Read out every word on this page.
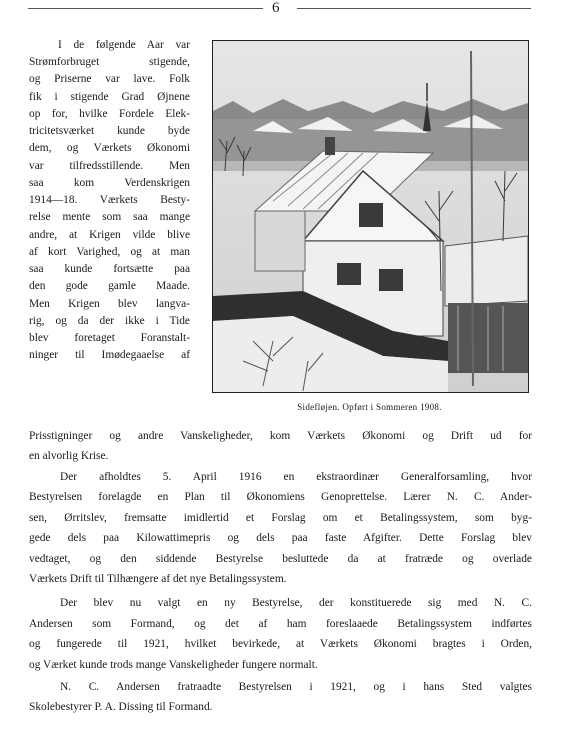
6
I de følgende Aar var
Strømforbruget stigende,
og Priserne var lave. Folk
fik i stigende Grad Øjnene
op for, hvilke Fordele Elek-
tricitetsværket kunde byde
dem, og Værkets Økonomi
var tilfredsstillende. Men
saa kom Verdenskrigen
1914—18. Værkets Besty-
relse mente som saa mange
andre, at Krigen vilde blive
af kort Varighed, og at man
saa kunde fortsætte paa
den gode gamle Maade.
Men Krigen blev langva-
rig, og da der ikke i Tide
blev foretaget Foranstalt-
ninger til Imødegaaelse af
Sidefløjen. Opført i Sommeren 1908.
Prisstigninger og andre Vanskeligheder, kom Værkets Økonomi og Drift ud for
en alvorlig Krise.
Der afholdtes 5. April 1916 en ekstraordinær Generalforsamling, hvor
Bestyrelsen forelagde en Plan til Økonomiens Genoprettelse. Lærer N. C. Ander-
sen, Ørritslev, fremsatte imidlertid et Forslag om et Betalingssystem, som byg-
gede dels paa Kilowattimepris og dels paa faste Afgifter. Dette Forslag blev
vedtaget, og den siddende Bestyrelse besluttede da at fratræde og overlade
Værkets Drift til Tilhængere af det nye Betalingssystem.
Der blev nu valgt en ny Bestyrelse, der konstituerede sig med N. C.
Andersen som Formand, og det af ham foreslaaede Betalingssystem indførtes
og fungerede til 1921, hvilket bevirkede, at Værkets Økonomi bragtes i Orden,
og Værket kunde trods mange Vanskeligheder fungere normalt.
N. C. Andersen fratraadte Bestyrelsen i 1921, og i hans Sted valgtes
Skolebestyrer P. A. Dissing til Formand.
